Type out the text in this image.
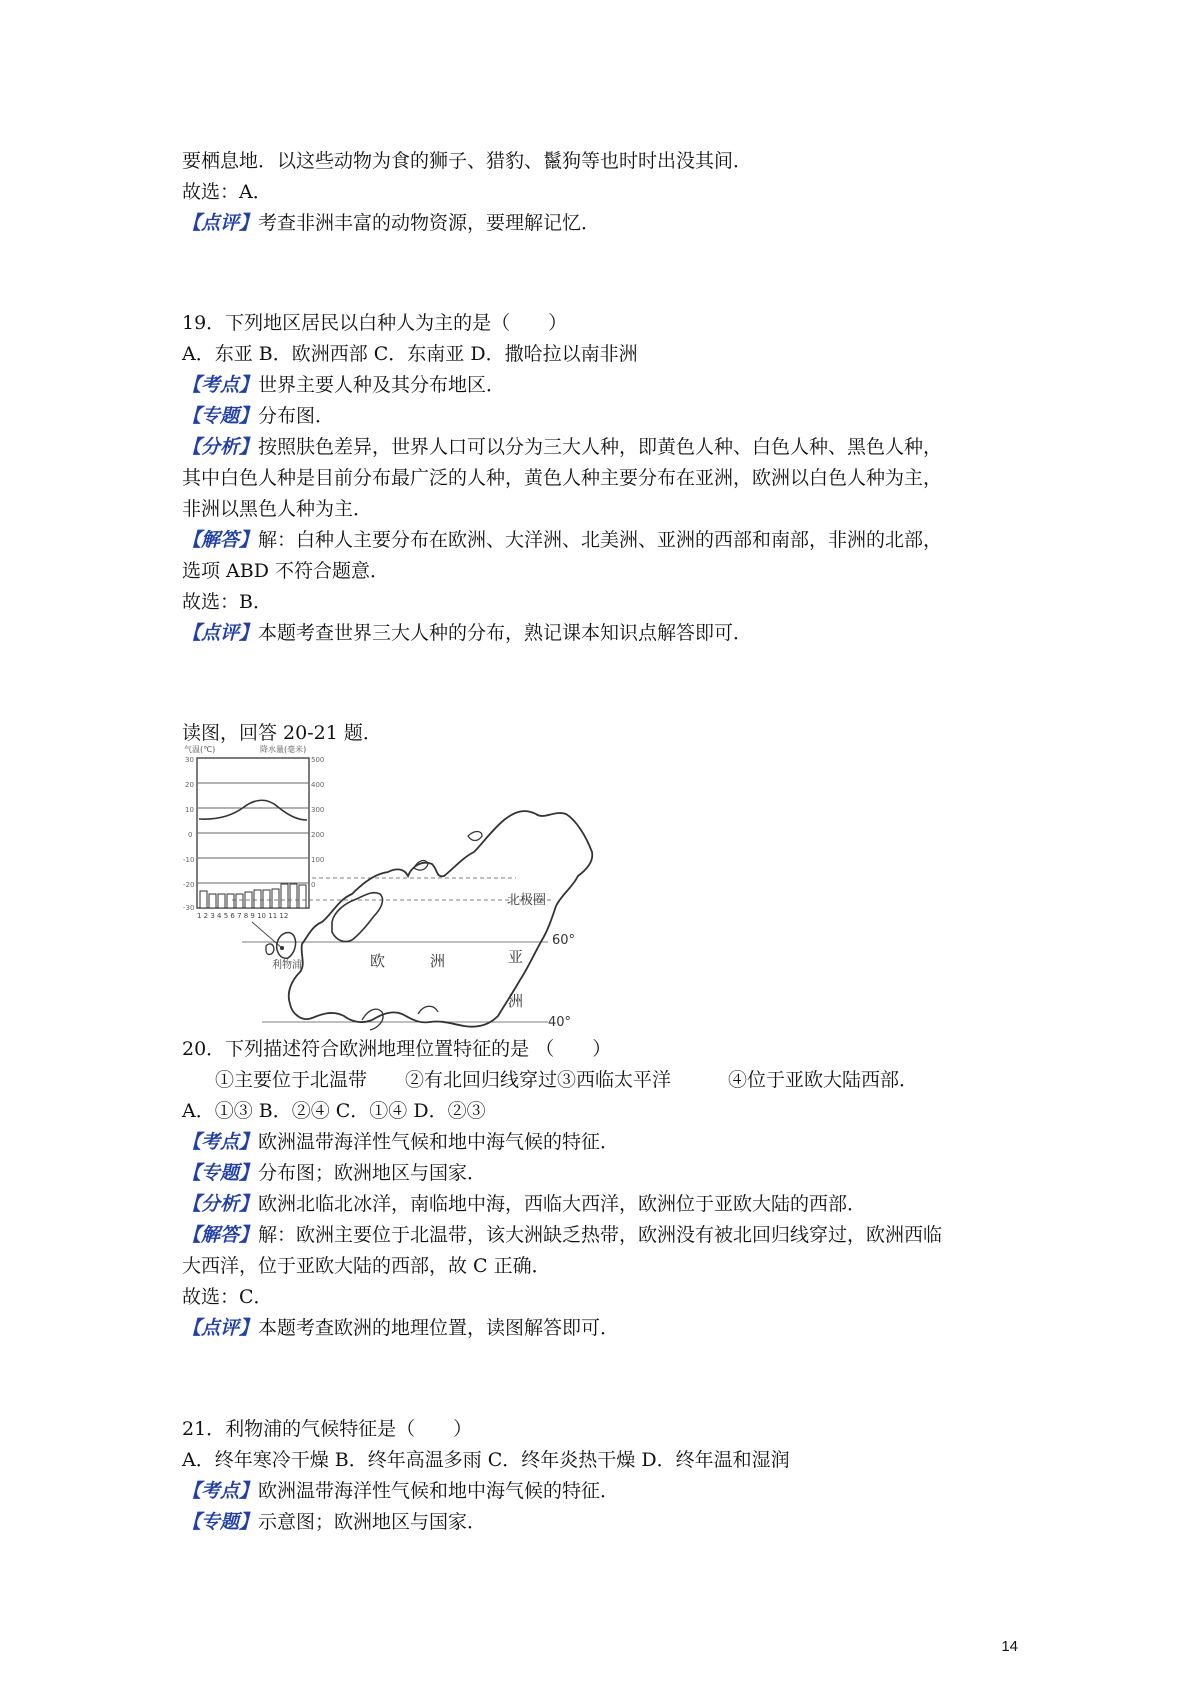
要栖息地．以这些动物为食的狮子、猎豹、鬣狗等也时时出没其间．

故选：A．

【点评】考查非洲丰富的动物资源，要理解记忆．

19．下列地区居民以白种人为主的是（　　）

A．东亚 B．欧洲西部 C．东南亚 D．撒哈拉以南非洲

【考点】世界主要人种及其分布地区．

【专题】分布图．

【分析】按照肤色差异，世界人口可以分为三大人种，即黄色人种、白色人种、黑色人种，

其中白色人种是目前分布最广泛的人种，黄色人种主要分布在亚洲，欧洲以白色人种为主，

非洲以黑色人种为主．

【解答】解：白种人主要分布在欧洲、大洋洲、北美洲、亚洲的西部和南部，非洲的北部，

选项 ABD 不符合题意．

故选：B．

【点评】本题考查世界三大人种的分布，熟记课本知识点解答即可．

读图，回答 20-21 题．

气温(℃)	降水量(毫米)
30
20
10
0
-10
-20
-30
500
400
300
200
100
0
1 2 3 4 5 6 7 8 9 10 11 12
北极圈
60°
40°
利物浦	欧	洲	亚
洲

20．下列描述符合欧洲地理位置特征的是 （　　）

①主要位于北温带　　②有北回归线穿过③西临太平洋　　　④位于亚欧大陆西部．

A．①③ B．②④ C．①④ D．②③

【考点】欧洲温带海洋性气候和地中海气候的特征．

【专题】分布图；欧洲地区与国家．

【分析】欧洲北临北冰洋，南临地中海，西临大西洋，欧洲位于亚欧大陆的西部．

【解答】解：欧洲主要位于北温带，该大洲缺乏热带，欧洲没有被北回归线穿过，欧洲西临

大西洋，位于亚欧大陆的西部，故 C 正确．

故选：C．

【点评】本题考查欧洲的地理位置，读图解答即可．

21．利物浦的气候特征是（　　）

A．终年寒冷干燥 B．终年高温多雨 C．终年炎热干燥 D．终年温和湿润

【考点】欧洲温带海洋性气候和地中海气候的特征．

【专题】示意图；欧洲地区与国家．

14
